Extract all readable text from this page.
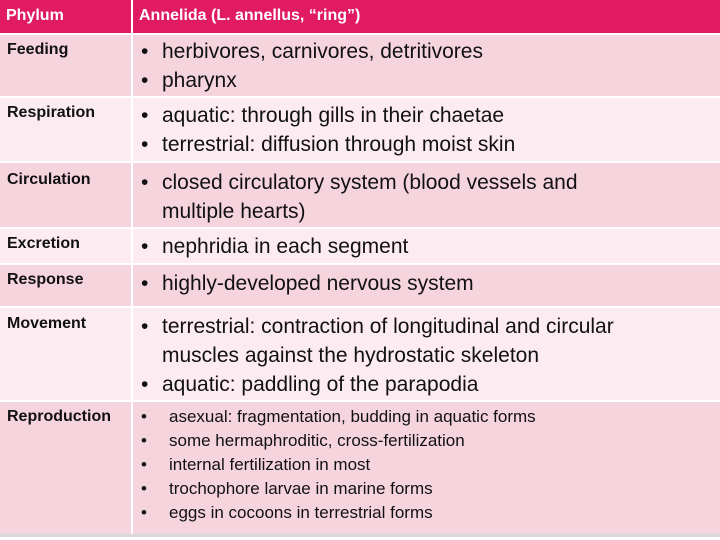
Phylum	Annelida (L. annellus, “ring”)
Feeding	• herbivores, carnivores, detritivores
• pharynx
Respiration • aquatic: through gills in their chaetae
• terrestrial: diffusion through moist skin
Circulation • closed circulatory system (blood vessels and
multiple hearts)
Excretion	• nephridia in each segment
Response	• highly-developed nervous system
Movement	• terrestrial: contraction of longitudinal and circular
muscles against the hydrostatic skeleton
• aquatic: paddling of the parapodia
Reproduction • asexual: fragmentation, budding in aquatic forms
• some hermaphroditic, cross-fertilization
• internal fertilization in most
• trochophore larvae in marine forms
• eggs in cocoons in terrestrial forms
